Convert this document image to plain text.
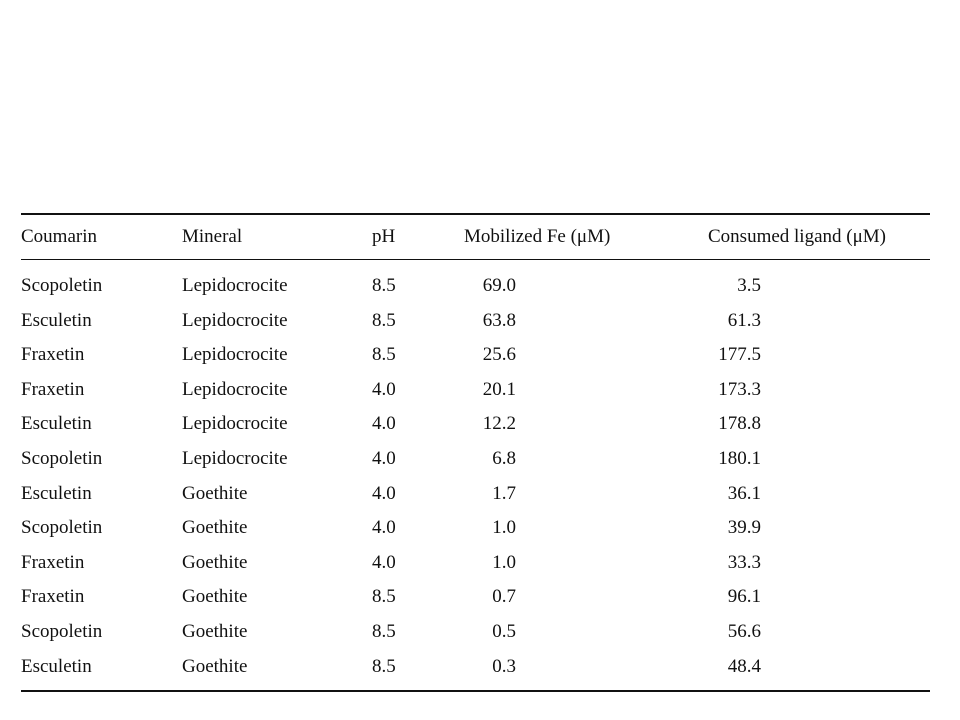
Coumarin	Mineral	pH	Mobilized Fe (μM)	Consumed ligand (μM)
Scopoletin	Lepidocrocite	8.5	69.0	3.5
Esculetin	Lepidocrocite	8.5	63.8	61.3
Fraxetin	Lepidocrocite	8.5	25.6	177.5
Fraxetin	Lepidocrocite	4.0	20.1	173.3
Esculetin	Lepidocrocite	4.0	12.2	178.8
Scopoletin	Lepidocrocite	4.0	6.8	180.1
Esculetin	Goethite	4.0	1.7	36.1
Scopoletin	Goethite	4.0	1.0	39.9
Fraxetin	Goethite	4.0	1.0	33.3
Fraxetin	Goethite	8.5	0.7	96.1
Scopoletin	Goethite	8.5	0.5	56.6
Esculetin	Goethite	8.5	0.3	48.4
